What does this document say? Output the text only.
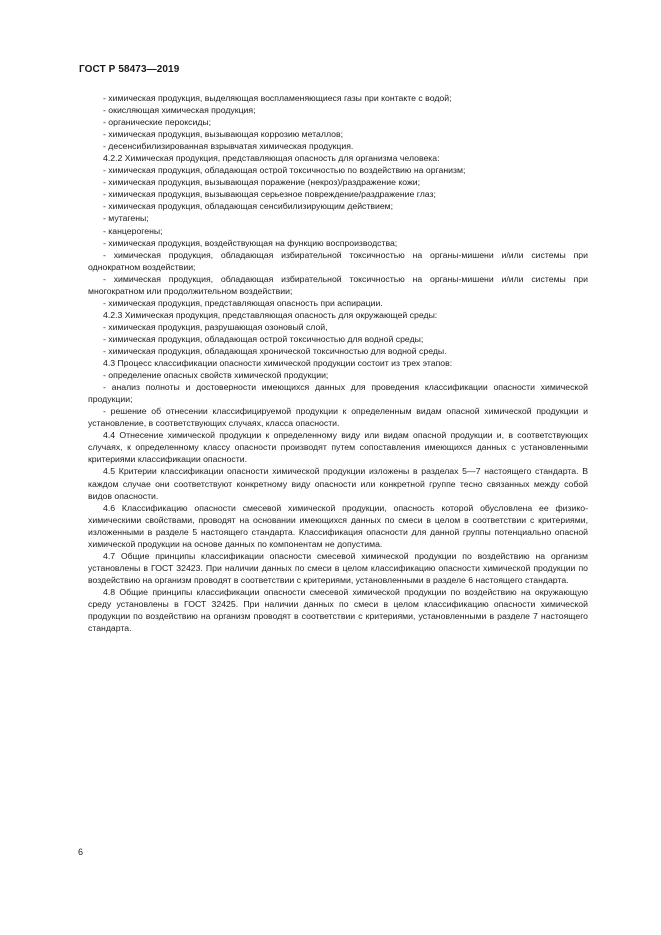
ГОСТ Р 58473—2019

- химическая продукция, выделяющая воспламеняющиеся газы при контакте с водой;

- окисляющая химическая продукция;

- органические пероксиды;

- химическая продукция, вызывающая коррозию металлов;

- десенсибилизированная взрывчатая химическая продукция.

4.2.2 Химическая продукция, представляющая опасность для организма человека:

- химическая продукция, обладающая острой токсичностью по воздействию на организм;

- химическая продукция, вызывающая поражение (некроз)/раздражение кожи;

- химическая продукция, вызывающая серьезное повреждение/раздражение глаз;

- химическая продукция, обладающая сенсибилизирующим действием;

- мутагены;

- канцерогены;

- химическая продукция, воздействующая на функцию воспроизводства;

- химическая продукция, обладающая избирательной токсичностью на органы-мишени и/или системы при однократном воздействии;

- химическая продукция, обладающая избирательной токсичностью на органы-мишени и/или системы при многократном или продолжительном воздействии;

- химическая продукция, представляющая опасность при аспирации.

4.2.3 Химическая продукция, представляющая опасность для окружающей среды:

- химическая продукция, разрушающая озоновый слой,

- химическая продукция, обладающая острой токсичностью для водной среды;

- химическая продукция, обладающая хронической токсичностью для водной среды.

4.3 Процесс классификации опасности химической продукции состоит из трех этапов:

- определение опасных свойств химической продукции;

- анализ полноты и достоверности имеющихся данных для проведения классификации опасности химической продукции;

- решение об отнесении классифицируемой продукции к определенным видам опасной химической продукции и установление, в соответствующих случаях, класса опасности.

4.4 Отнесение химической продукции к определенному виду или видам опасной продукции и, в соответствующих случаях, к определенному классу опасности производят путем сопоставления имеющихся данных с установленными критериями классификации опасности.

4.5 Критерии классификации опасности химической продукции изложены в разделах 5—7 настоящего стандарта. В каждом случае они соответствуют конкретному виду опасности или конкретной группе тесно связанных между собой видов опасности.

4.6 Классификацию опасности смесевой химической продукции, опасность которой обусловлена ее физико-химическими свойствами, проводят на основании имеющихся данных по смеси в целом в соответствии с критериями, изложенными в разделе 5 настоящего стандарта. Классификация опасности для данной группы потенциально опасной химической продукции на основе данных по компонентам не допустима.

4.7 Общие принципы классификации опасности смесевой химической продукции по воздействию на организм установлены в ГОСТ 32423. При наличии данных по смеси в целом классификацию опасности химической продукции по воздействию на организм проводят в соответствии с критериями, установленными в разделе 6 настоящего стандарта.

4.8 Общие принципы классификации опасности смесевой химической продукции по воздействию на окружающую среду установлены в ГОСТ 32425. При наличии данных по смеси в целом классификацию опасности химической продукции по воздействию на организм проводят в соответствии с критериями, установленными в разделе 7 настоящего стандарта.

6
